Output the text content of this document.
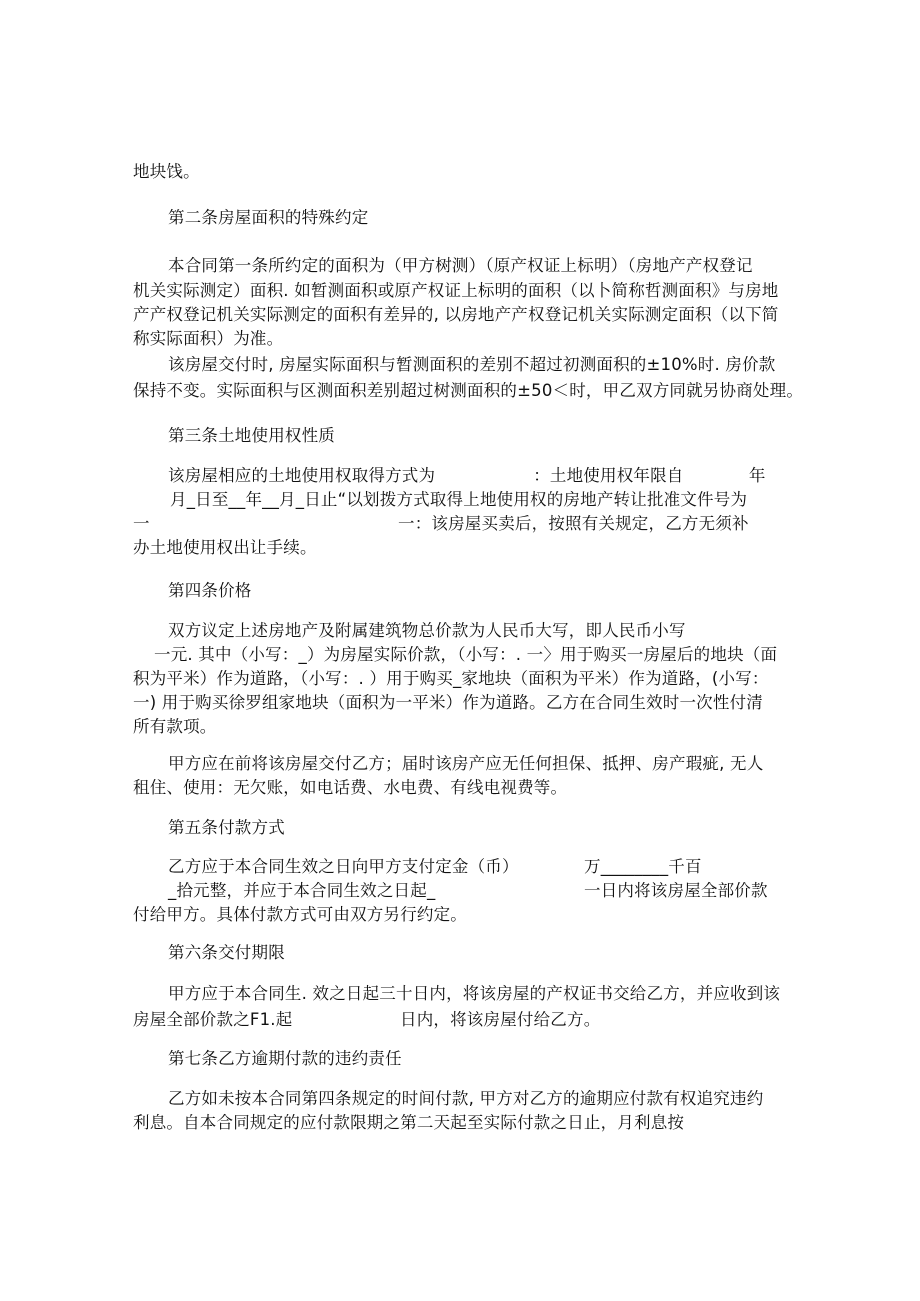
地块饯。
第二条房屋面积的特殊约定
本合同第一条所约定的面积为（甲方树测）（原产权证上标明）（房地产产权登记
机关实际测定）面积. 如暂测面积或原产权证上标明的面积（以卜简称哲测面积》与房地
产产权登记机关实际测定的面积有差异的, 以房地产产权登记机关实际测定面积（以下简
称实际面积）为准。
该房屋交付时, 房屋实际面积与暂测面积的差别不超过初测面积的±10%时. 房价款
保持不变。实际面积与区测面积差别超过树测面积的±50＜时，甲乙双方同就另协商处理。
第三条土地使用权性质
该房屋相应的土地使用权取得方式为                  ：土地使用权年限自            年
月_日至__年__月_日止“以划拨方式取得上地使用权的房地产转让批准文件号为
一	一：该房屋买卖后，按照有关规定，乙方无须补
办土地使用权出让手续。
第四条价格
双方议定上述房地产及附属建筑物总价款为人民币大写，即人民币小写
一元. 其中（小写：_）为房屋实际价款，（小写：. 一〉用于购买一房屋后的地块（面
积为平米）作为道路，（小写：. ）用于购买_家地块（面积为平米）作为道路，(小写：
一) 用于购买徐罗组家地块（面积为一平米）作为道路。乙方在合同生效时一次性付清
所有款项。
甲方应在前将该房屋交付乙方；届时该房产应无任何担保、抵押、房产瑕疵, 无人
租住、使用：无欠账，如电话费、水电费、有线电视费等。
第五条付款方式
乙方应于本合同生效之日向甲方支付定金（币）	万________千百
_拾元整，并应于本合同生效之日起_	一日内将该房屋全部价款
付给甲方。具体付款方式可由双方另行约定。
第六条交付期限
甲方应于本合同生. 效之日起三十日内，将该房屋的产权证书交给乙方，并应收到该
房屋全部价款之F1.起	日内，将该房屋付给乙方。
第七条乙方逾期付款的违约责任
乙方如未按本合同第四条规定的时间付款, 甲方对乙方的逾期应付款有权追究违约
利息。自本合同规定的应付款限期之第二天起至实际付款之日止，月利息按
